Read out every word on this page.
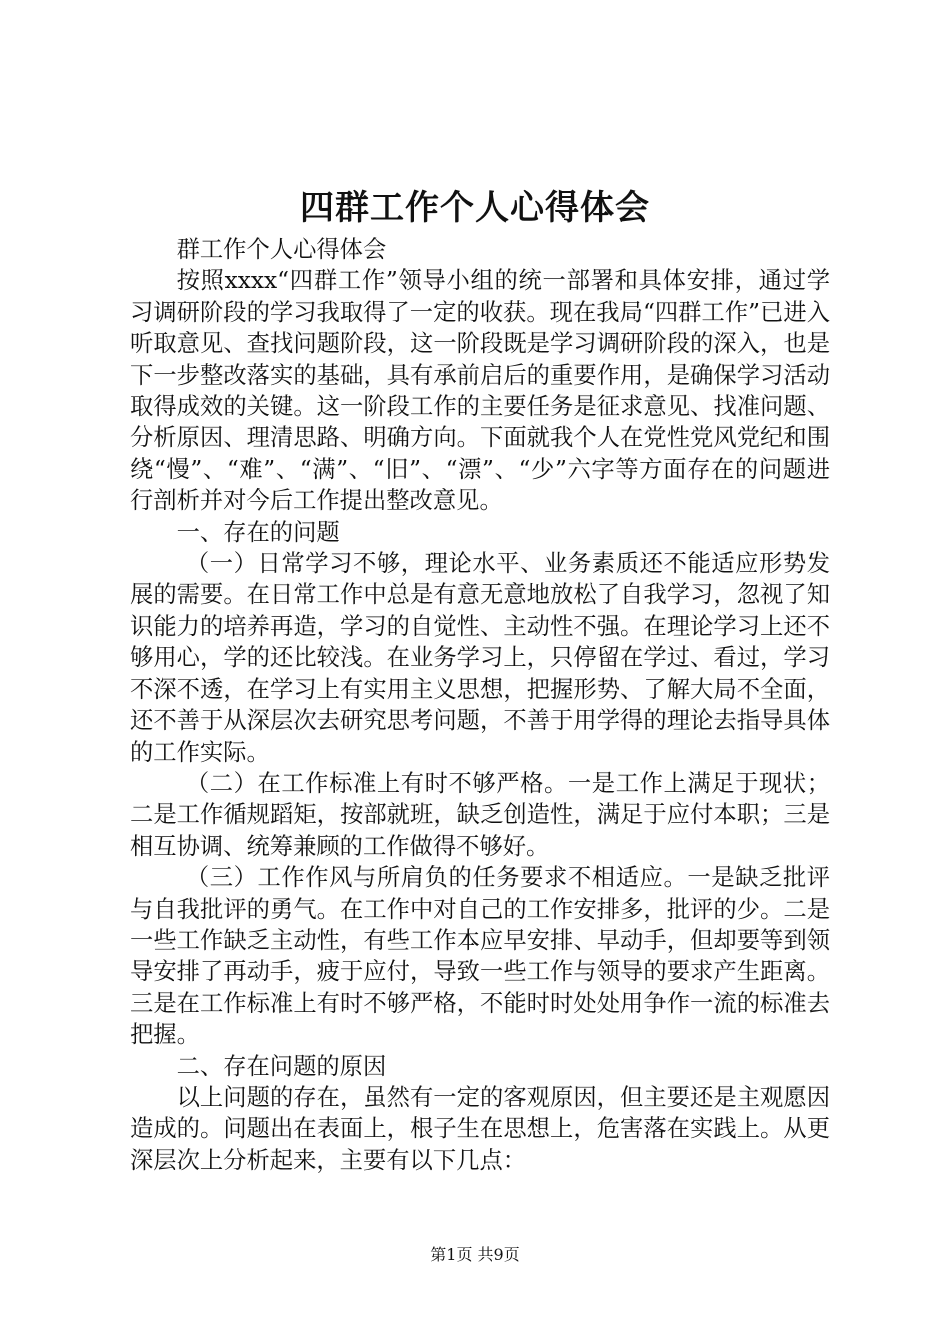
四群工作个人心得体会

群工作个人心得体会

按照xxxx“四群工作”领导小组的统一部署和具体安排，通过学习调研阶段的学习我取得了一定的收获。现在我局“四群工作”已进入听取意见、查找问题阶段，这一阶段既是学习调研阶段的深入，也是下一步整改落实的基础，具有承前启后的重要作用，是确保学习活动取得成效的关键。这一阶段工作的主要任务是征求意见、找准问题、分析原因、理清思路、明确方向。下面就我个人在党性党风党纪和围绕“慢”、“难”、“满”、“旧”、“漂”、“少”六字等方面存在的问题进行剖析并对今后工作提出整改意见。

一、存在的问题

（一）日常学习不够，理论水平、业务素质还不能适应形势发展的需要。在日常工作中总是有意无意地放松了自我学习，忽视了知识能力的培养再造，学习的自觉性、主动性不强。在理论学习上还不够用心，学的还比较浅。在业务学习上，只停留在学过、看过，学习不深不透，在学习上有实用主义思想，把握形势、了解大局不全面，还不善于从深层次去研究思考问题，不善于用学得的理论去指导具体的工作实际。

（二）在工作标准上有时不够严格。一是工作上满足于现状；二是工作循规蹈矩，按部就班，缺乏创造性，满足于应付本职；三是相互协调、统筹兼顾的工作做得不够好。

（三）工作作风与所肩负的任务要求不相适应。一是缺乏批评与自我批评的勇气。在工作中对自己的工作安排多，批评的少。二是一些工作缺乏主动性，有些工作本应早安排、早动手，但却要等到领导安排了再动手，疲于应付，导致一些工作与领导的要求产生距离。三是在工作标准上有时不够严格，不能时时处处用争作一流的标准去把握。

二、存在问题的原因

以上问题的存在，虽然有一定的客观原因，但主要还是主观愿因造成的。问题出在表面上，根子生在思想上，危害落在实践上。从更深层次上分析起来，主要有以下几点：

第1页 共9页
